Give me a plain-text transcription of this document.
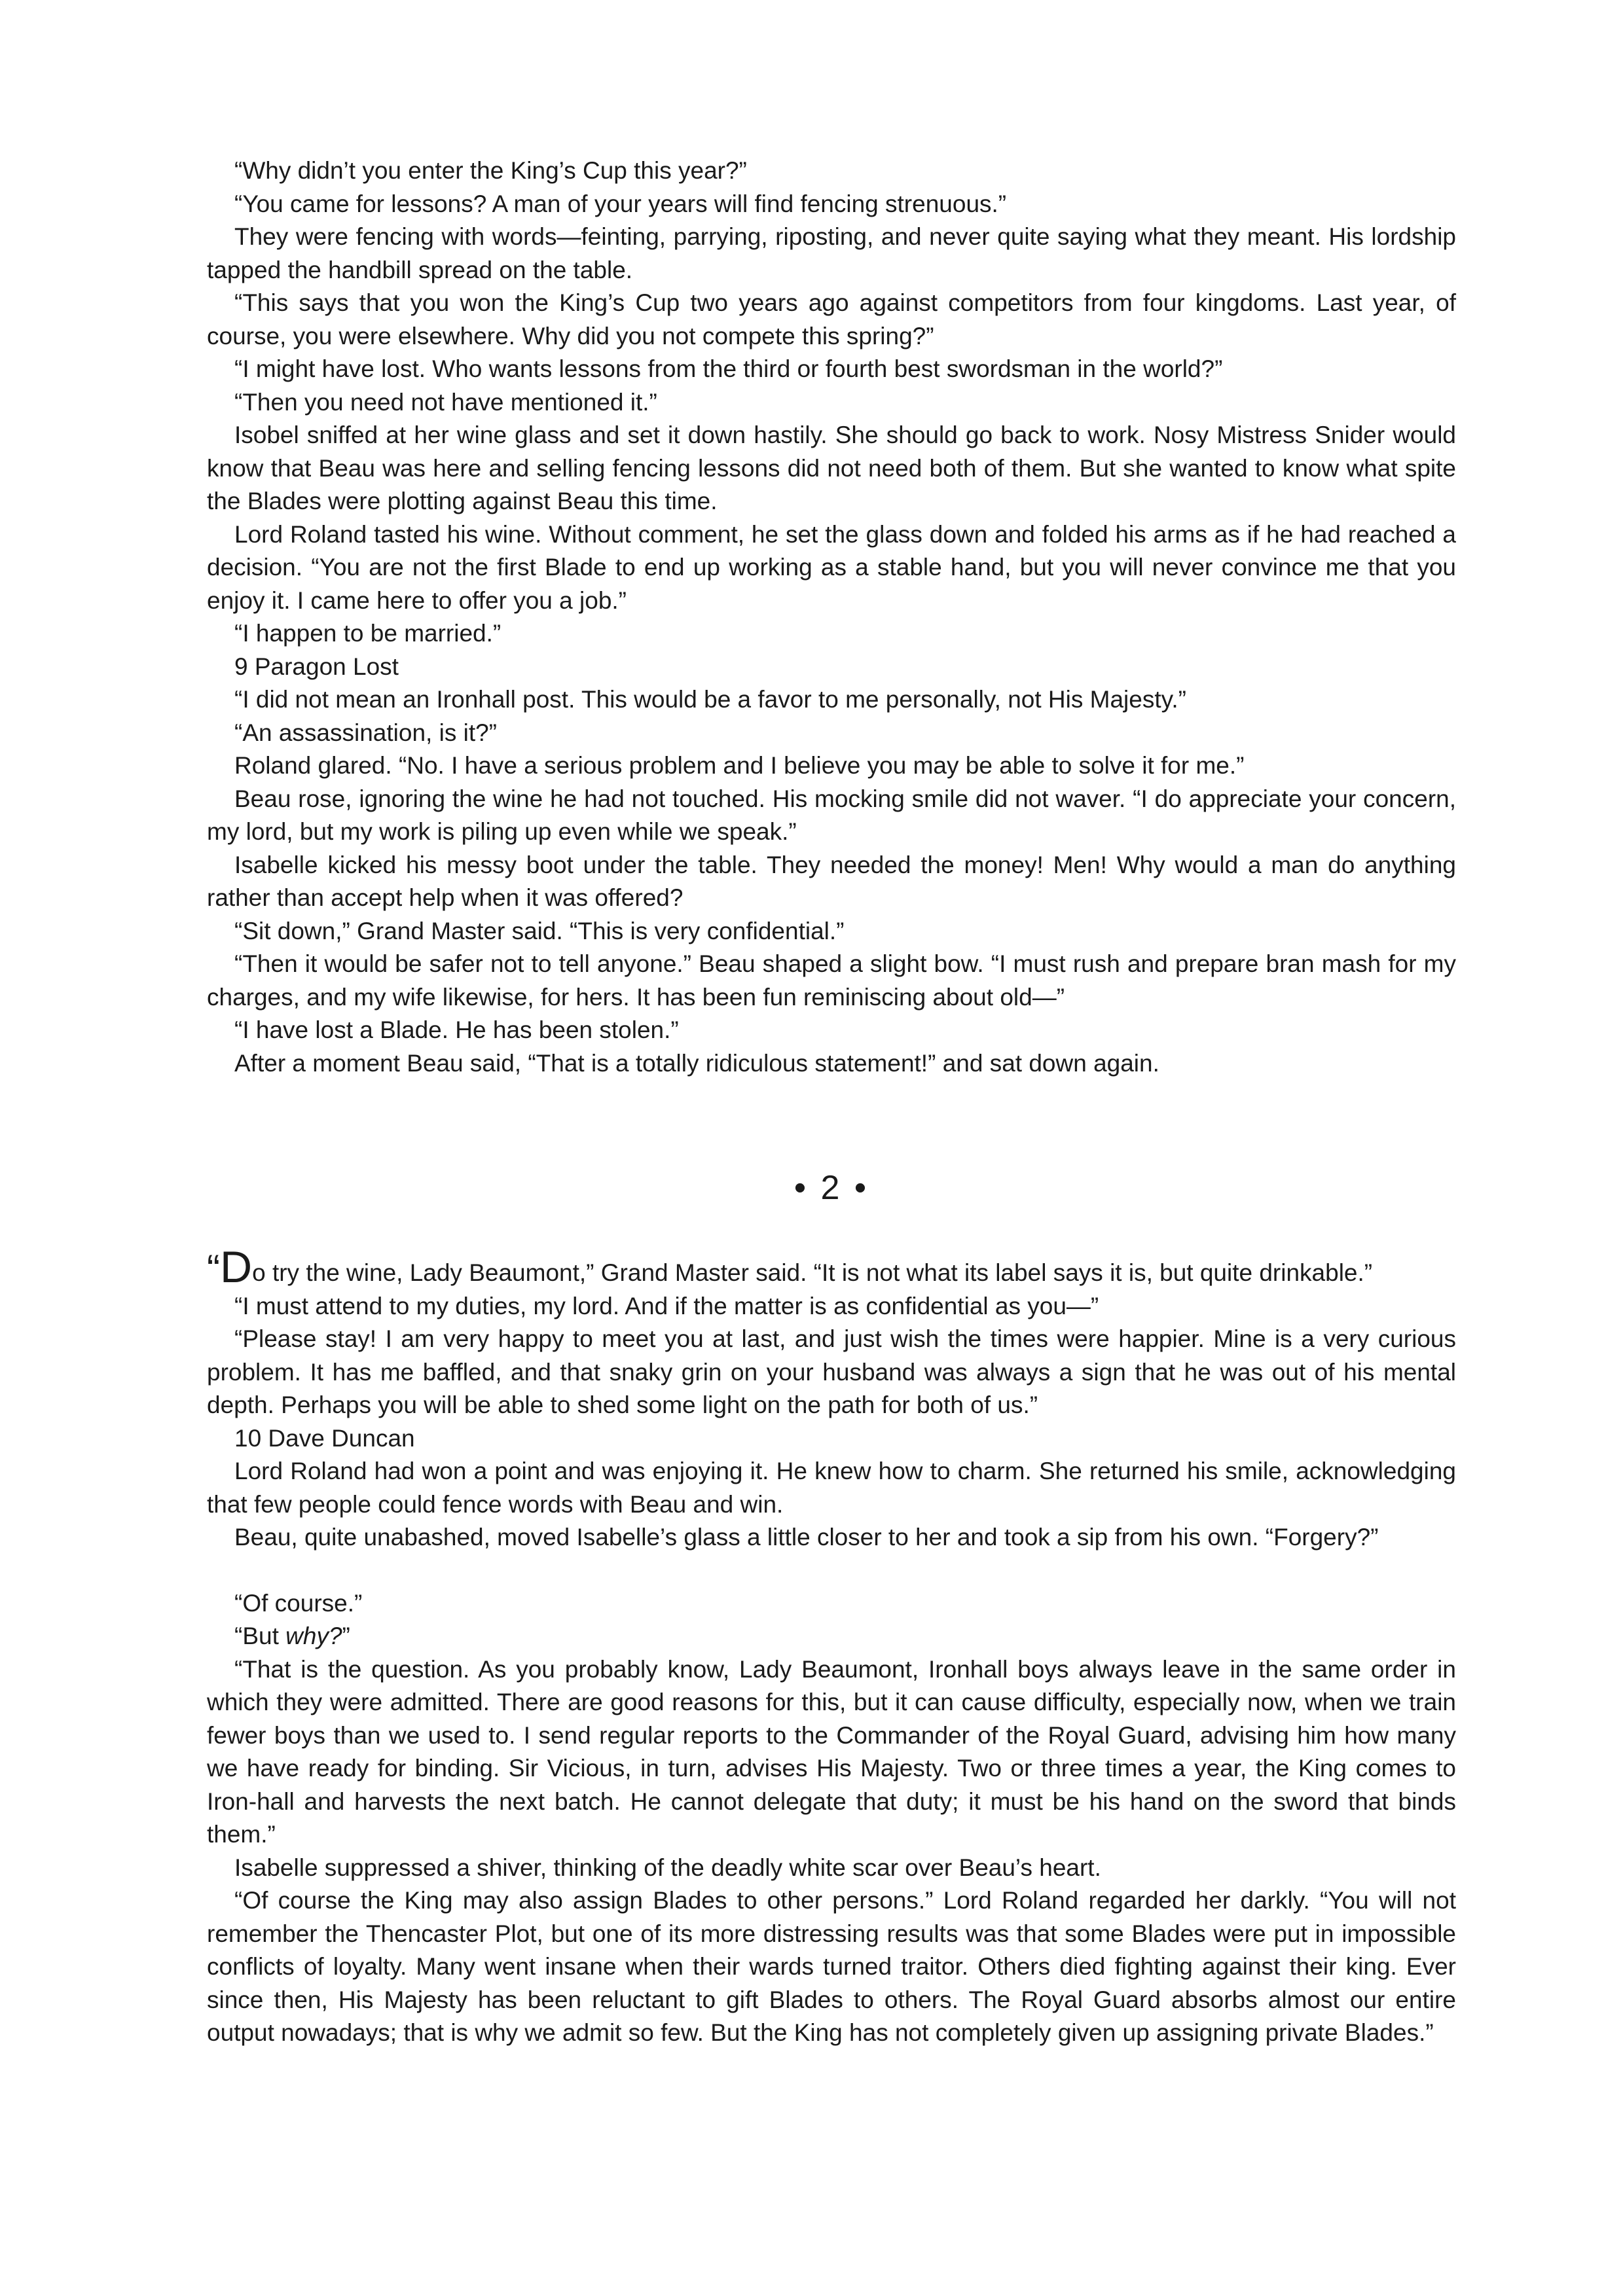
“Why didn’t you enter the King’s Cup this year?”

“You came for lessons? A man of your years will find fencing strenuous.”

They were fencing with words—feinting, parrying, riposting, and never quite saying what they meant. His lordship tapped the handbill spread on the table.

“This says that you won the King’s Cup two years ago against competitors from four kingdoms. Last year, of course, you were elsewhere. Why did you not compete this spring?”

“I might have lost. Who wants lessons from the third or fourth best swordsman in the world?”

“Then you need not have mentioned it.”

Isobel sniffed at her wine glass and set it down hastily. She should go back to work. Nosy Mistress Snider would know that Beau was here and selling fencing lessons did not need both of them. But she wanted to know what spite the Blades were plotting against Beau this time.

Lord Roland tasted his wine. Without comment, he set the glass down and folded his arms as if he had reached a decision. “You are not the first Blade to end up working as a stable hand, but you will never convince me that you enjoy it. I came here to offer you a job.”

“I happen to be married.”

9 Paragon Lost

“I did not mean an Ironhall post. This would be a favor to me personally, not His Majesty.”

“An assassination, is it?”

Roland glared. “No. I have a serious problem and I believe you may be able to solve it for me.”

Beau rose, ignoring the wine he had not touched. His mocking smile did not waver. “I do appreciate your concern, my lord, but my work is piling up even while we speak.”

Isabelle kicked his messy boot under the table. They needed the money! Men! Why would a man do anything rather than accept help when it was offered?

“Sit down,” Grand Master said. “This is very confidential.”

“Then it would be safer not to tell anyone.” Beau shaped a slight bow. “I must rush and prepare bran mash for my charges, and my wife likewise, for hers. It has been fun reminiscing about old—”

“I have lost a Blade. He has been stolen.”

After a moment Beau said, “That is a totally ridiculous statement!” and sat down again.

• 2 •

“Do try the wine, Lady Beaumont,” Grand Master said. “It is not what its label says it is, but quite drinkable.”

“I must attend to my duties, my lord. And if the matter is as confidential as you—”

“Please stay! I am very happy to meet you at last, and just wish the times were happier. Mine is a very curious problem. It has me baffled, and that snaky grin on your husband was always a sign that he was out of his mental depth. Perhaps you will be able to shed some light on the path for both of us.”

10 Dave Duncan

Lord Roland had won a point and was enjoying it. He knew how to charm. She returned his smile, acknowledging that few people could fence words with Beau and win.

Beau, quite unabashed, moved Isabelle’s glass a little closer to her and took a sip from his own. “Forgery?”

“Of course.”

“But why?”

“That is the question. As you probably know, Lady Beaumont, Ironhall boys always leave in the same order in which they were admitted. There are good reasons for this, but it can cause difficulty, especially now, when we train fewer boys than we used to. I send regular reports to the Commander of the Royal Guard, advising him how many we have ready for binding. Sir Vicious, in turn, advises His Majesty. Two or three times a year, the King comes to Iron-hall and harvests the next batch. He cannot delegate that duty; it must be his hand on the sword that binds them.”

Isabelle suppressed a shiver, thinking of the deadly white scar over Beau’s heart.

“Of course the King may also assign Blades to other persons.” Lord Roland regarded her darkly. “You will not remember the Thencaster Plot, but one of its more distressing results was that some Blades were put in impossible conflicts of loyalty. Many went insane when their wards turned traitor. Others died fighting against their king. Ever since then, His Majesty has been reluctant to gift Blades to others. The Royal Guard absorbs almost our entire output nowadays; that is why we admit so few. But the King has not completely given up assigning private Blades.”
